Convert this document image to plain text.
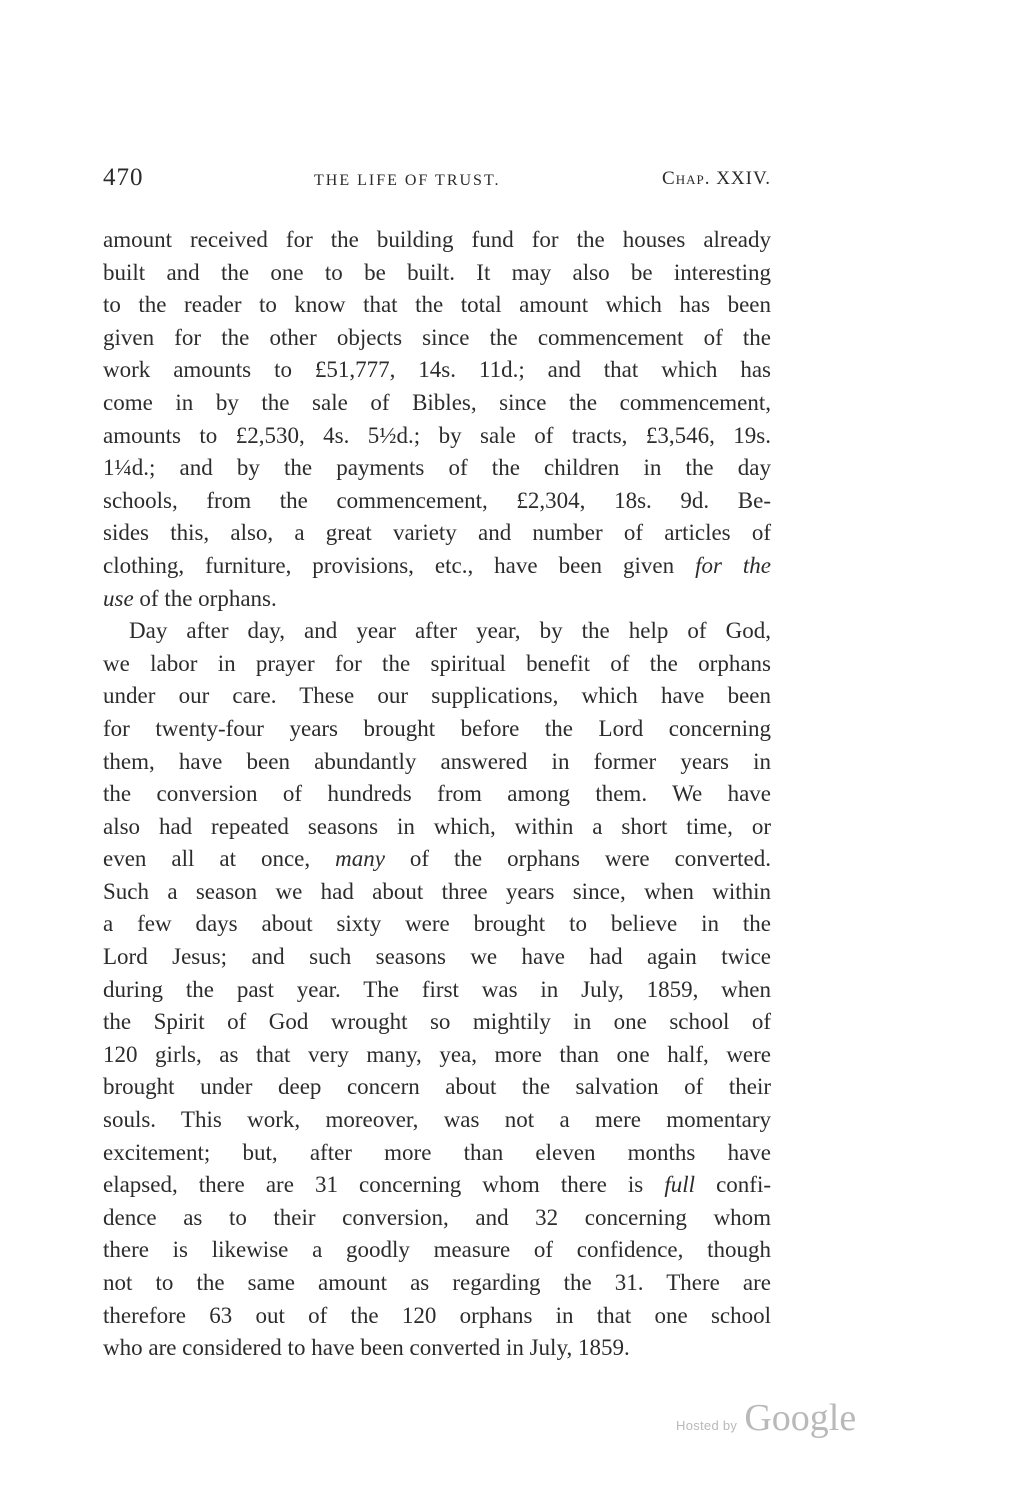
470	THE LIFE OF TRUST.	Chap. XXIV.
amount received for the building fund for the houses already
built and the one to be built. It may also be interesting
to the reader to know that the total amount which has been
given for the other objects since the commencement of the
work amounts to £51,777, 14s. 11d.; and that which has
come in by the sale of Bibles, since the commencement,
amounts to £2,530, 4s. 5½d.; by sale of tracts, £3,546, 19s.
1¼d.; and by the payments of the children in the day
schools, from the commencement, £2,304, 18s. 9d. Be-
sides this, also, a great variety and number of articles of
clothing, furniture, provisions, etc., have been given for the
use of the orphans.
Day after day, and year after year, by the help of God,
we labor in prayer for the spiritual benefit of the orphans
under our care. These our supplications, which have been
for twenty-four years brought before the Lord concerning
them, have been abundantly answered in former years in
the conversion of hundreds from among them. We have
also had repeated seasons in which, within a short time, or
even all at once, many of the orphans were converted.
Such a season we had about three years since, when within
a few days about sixty were brought to believe in the
Lord Jesus; and such seasons we have had again twice
during the past year. The first was in July, 1859, when
the Spirit of God wrought so mightily in one school of
120 girls, as that very many, yea, more than one half, were
brought under deep concern about the salvation of their
souls. This work, moreover, was not a mere momentary
excitement; but, after more than eleven months have
elapsed, there are 31 concerning whom there is full confi-
dence as to their conversion, and 32 concerning whom
there is likewise a goodly measure of confidence, though
not to the same amount as regarding the 31. There are
therefore 63 out of the 120 orphans in that one school
who are considered to have been converted in July, 1859.
Hosted by Google
